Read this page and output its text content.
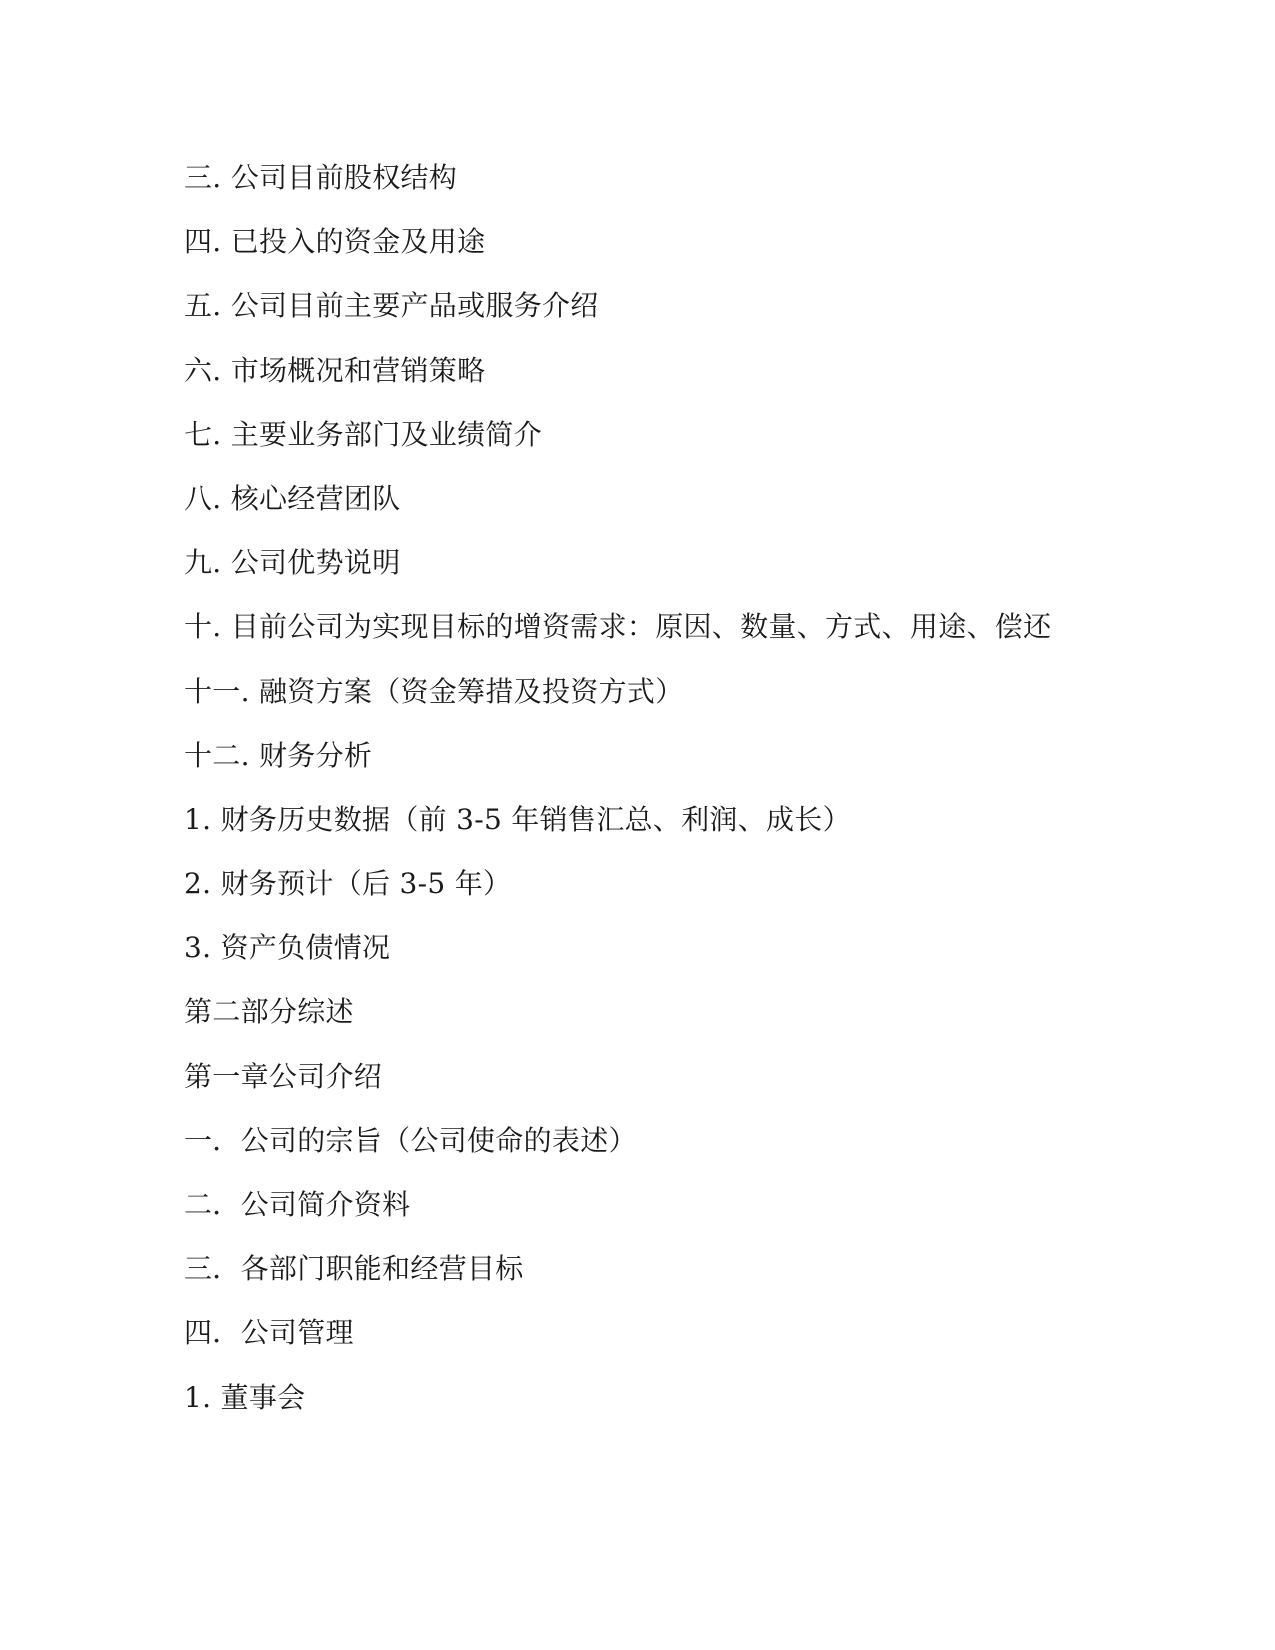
三. 公司目前股权结构
四. 已投入的资金及用途
五. 公司目前主要产品或服务介绍
六. 市场概况和营销策略
七. 主要业务部门及业绩简介
八. 核心经营团队
九. 公司优势说明
十. 目前公司为实现目标的增资需求：原因、数量、方式、用途、偿还
十一. 融资方案（资金筹措及投资方式）
十二. 财务分析
1. 财务历史数据（前 3-5 年销售汇总、利润、成长）
2. 财务预计（后 3-5 年）
3. 资产负债情况
第二部分综述
第一章公司介绍
一．公司的宗旨（公司使命的表述）
二．公司简介资料
三．各部门职能和经营目标
四．公司管理
1. 董事会
